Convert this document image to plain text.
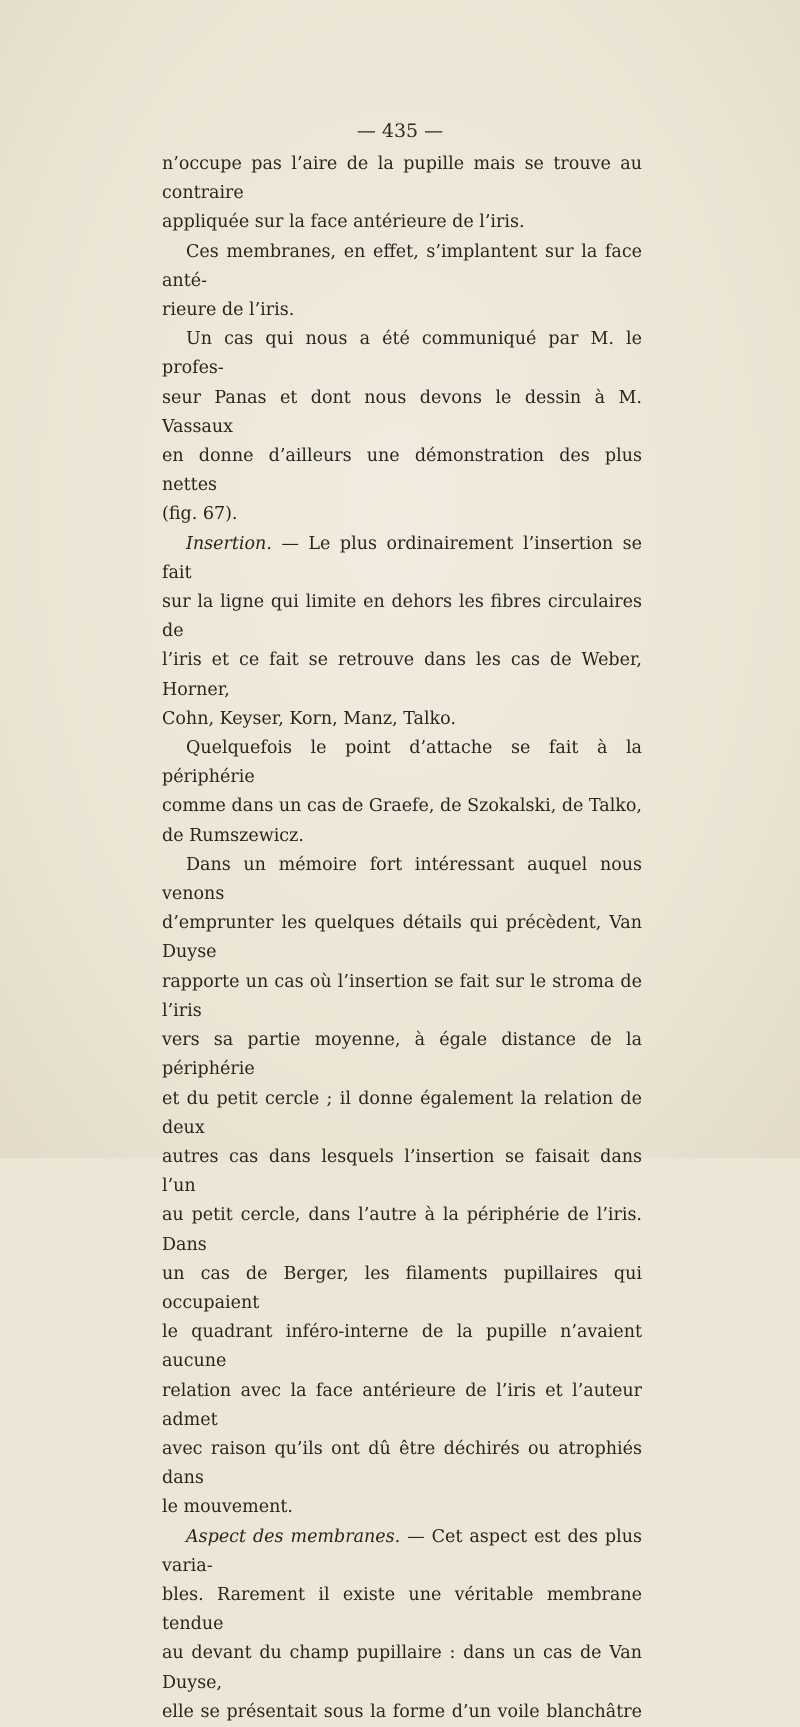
— 435 —

n’occupe pas l’aire de la pupille mais se trouve au contraire

appliquée sur la face antérieure de l’iris.

Ces membranes, en effet, s’implantent sur la face anté-

rieure de l’iris.

Un cas qui nous a été communiqué par M. le profes-

seur Panas et dont nous devons le dessin à M. Vassaux

en donne d’ailleurs une démonstration des plus nettes

(fig. 67).

Insertion. — Le plus ordinairement l’insertion se fait

sur la ligne qui limite en dehors les fibres circulaires de

l’iris et ce fait se retrouve dans les cas de Weber, Horner,

Cohn, Keyser, Korn, Manz, Talko.

Quelquefois le point d’attache se fait à la périphérie

comme dans un cas de Graefe, de Szokalski, de Talko,

de Rumszewicz.

Dans un mémoire fort intéressant auquel nous venons

d’emprunter les quelques détails qui précèdent, Van Duyse

rapporte un cas où l’insertion se fait sur le stroma de l’iris

vers sa partie moyenne, à égale distance de la périphérie

et du petit cercle ; il donne également la relation de deux

autres cas dans lesquels l’insertion se faisait dans l’un

au petit cercle, dans l’autre à la périphérie de l’iris. Dans

un cas de Berger, les filaments pupillaires qui occupaient

le quadrant inféro-interne de la pupille n’avaient aucune

relation avec la face antérieure de l’iris et l’auteur admet

avec raison qu’ils ont dû être déchirés ou atrophiés dans

le mouvement.

Aspect des membranes. — Cet aspect est des plus varia-

bles. Rarement il existe une véritable membrane tendue

au devant du champ pupillaire : dans un cas de Van Duyse,

elle se présentait sous la forme d’un voile blanchâtre
